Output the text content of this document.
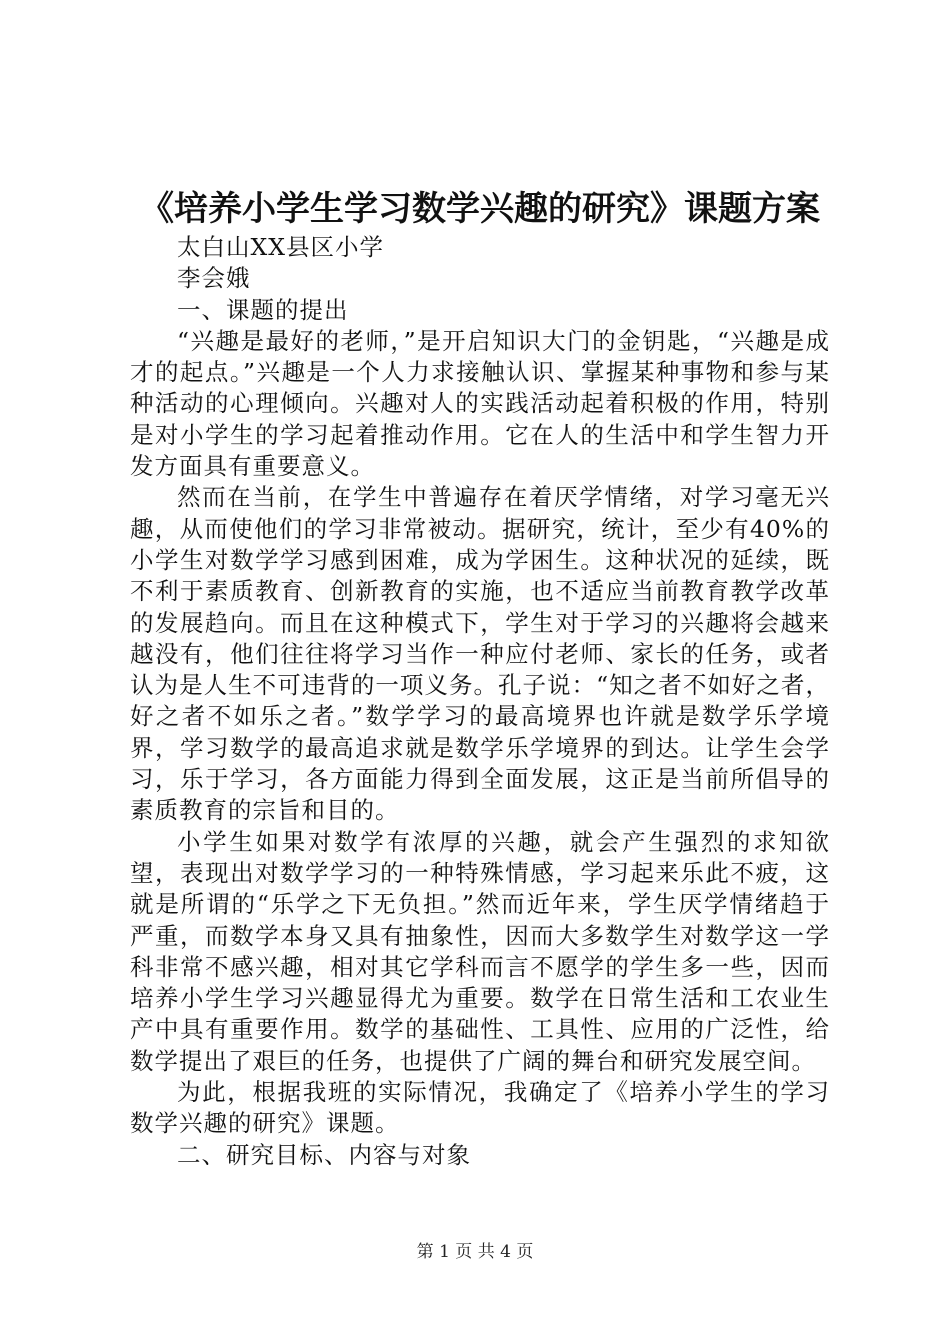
《培养小学生学习数学兴趣的研究》课题方案

太白山XX县区小学

李会娥

一、课题的提出

“兴趣是最好的老师，”是开启知识大门的金钥匙，“兴趣是成才的起点。”兴趣是一个人力求接触认识、掌握某种事物和参与某种活动的心理倾向。兴趣对人的实践活动起着积极的作用，特别是对小学生的学习起着推动作用。它在人的生活中和学生智力开发方面具有重要意义。

然而在当前，在学生中普遍存在着厌学情绪，对学习毫无兴趣，从而使他们的学习非常被动。据研究，统计，至少有40%的小学生对数学学习感到困难，成为学困生。这种状况的延续，既不利于素质教育、创新教育的实施，也不适应当前教育教学改革的发展趋向。而且在这种模式下，学生对于学习的兴趣将会越来越没有，他们往往将学习当作一种应付老师、家长的任务，或者认为是人生不可违背的一项义务。孔子说：“知之者不如好之者，好之者不如乐之者。”数学学习的最高境界也许就是数学乐学境界，学习数学的最高追求就是数学乐学境界的到达。让学生会学习，乐于学习，各方面能力得到全面发展，这正是当前所倡导的素质教育的宗旨和目的。

小学生如果对数学有浓厚的兴趣，就会产生强烈的求知欲望，表现出对数学学习的一种特殊情感，学习起来乐此不疲，这就是所谓的“乐学之下无负担。”然而近年来，学生厌学情绪趋于严重，而数学本身又具有抽象性，因而大多数学生对数学这一学科非常不感兴趣，相对其它学科而言不愿学的学生多一些，因而培养小学生学习兴趣显得尤为重要。数学在日常生活和工农业生产中具有重要作用。数学的基础性、工具性、应用的广泛性，给数学提出了艰巨的任务，也提供了广阔的舞台和研究发展空间。

为此，根据我班的实际情况，我确定了《培养小学生的学习数学兴趣的研究》课题。

二、研究目标、内容与对象

第 1 页 共 4 页
